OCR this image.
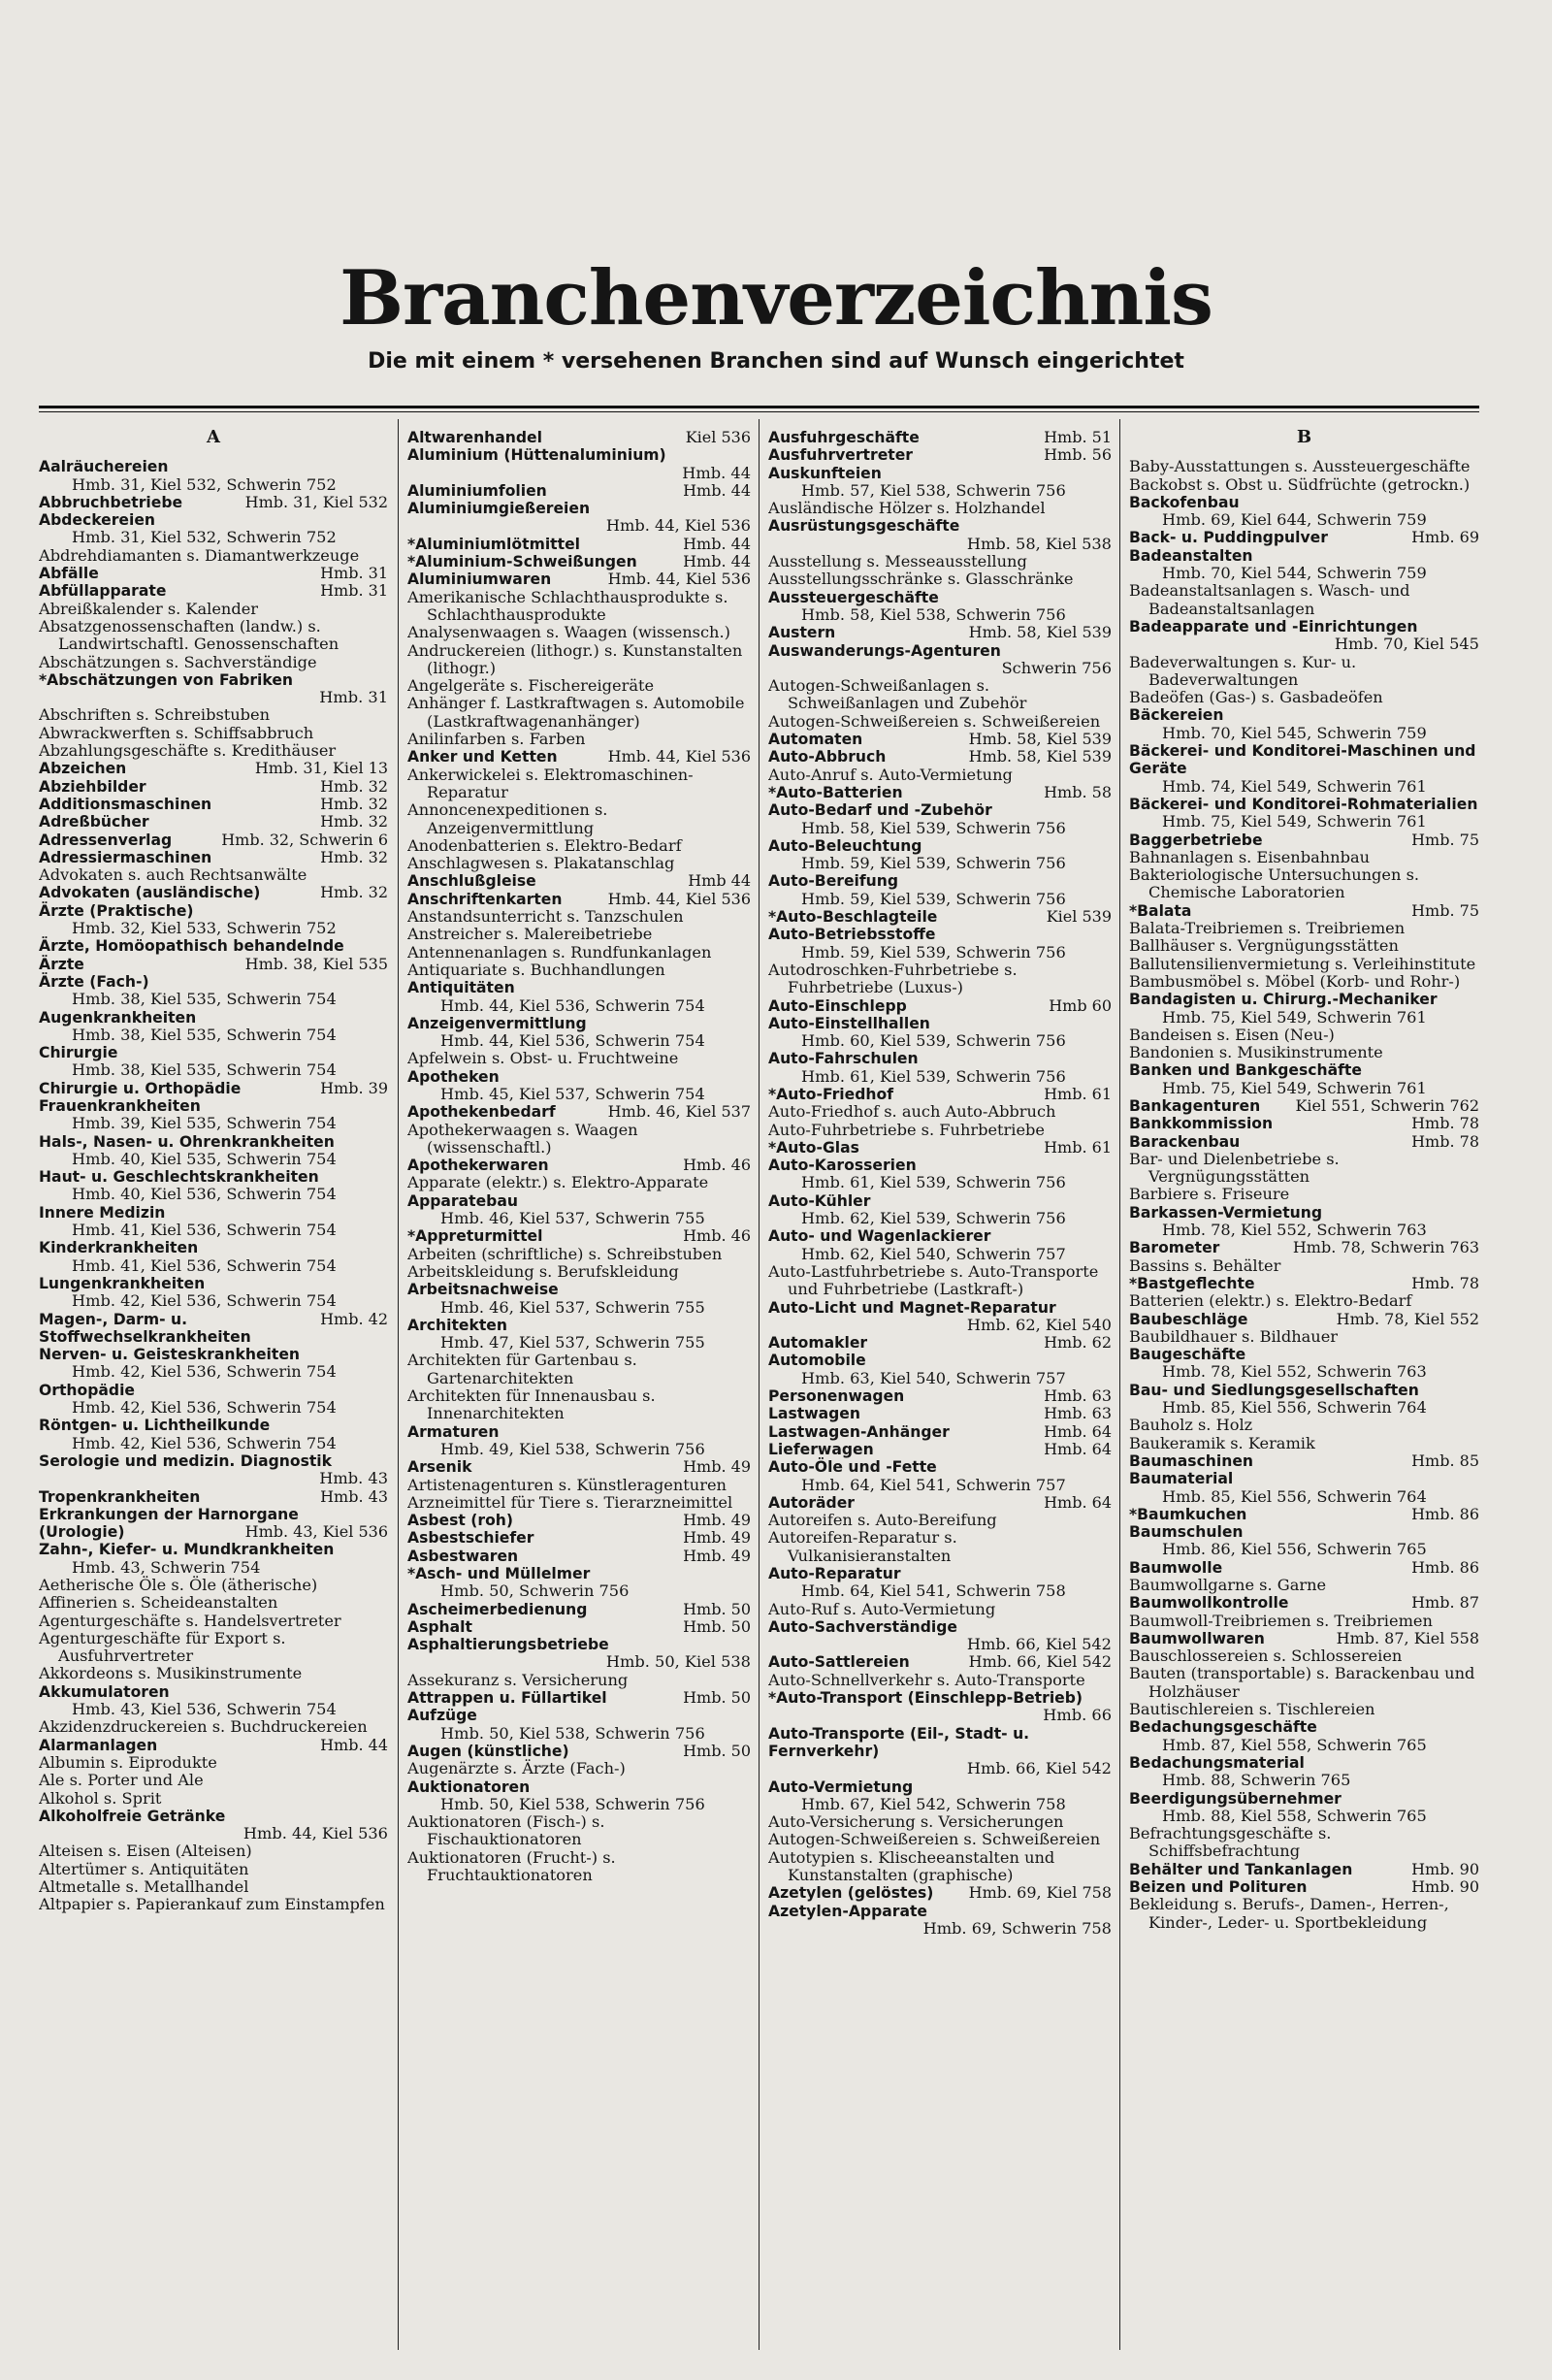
Branchenverzeichnis
Die mit einem * versehenen Branchen sind auf Wunsch eingerichtet
A
Aalräuchereien
Hmb. 31, Kiel 532, Schwerin 752
Abbruchbetriebe	Hmb. 31, Kiel 532
Abdeckereien
Hmb. 31, Kiel 532, Schwerin 752
Abdrehdiamanten s. Diamantwerkzeuge
Abfälle	Hmb. 31
Abfüllapparate	Hmb. 31
Abreißkalender s. Kalender
Absatzgenossenschaften (landw.) s. Landwirtschaftl. Genossenschaften
Abschätzungen s. Sachverständige
*Abschätzungen von Fabriken
Hmb. 31
Abschriften s. Schreibstuben
Abwrackwerften s. Schiffsabbruch
Abzahlungsgeschäfte s. Kredithäuser
Abzeichen	Hmb. 31, Kiel 13
Abziehbilder	Hmb. 32
Additionsmaschinen	Hmb. 32
Adreßbücher	Hmb. 32
Adressenverlag	Hmb. 32, Schwerin 6
Adressiermaschinen	Hmb. 32
Advokaten s. auch Rechtsanwälte
Advokaten (ausländische)	Hmb. 32
Ärzte (Praktische)
Hmb. 32, Kiel 533, Schwerin 752
Ärzte, Homöopathisch behandelnde
Ärzte	Hmb. 38, Kiel 535
Ärzte (Fach-)
Hmb. 38, Kiel 535, Schwerin 754
Augenkrankheiten
Hmb. 38, Kiel 535, Schwerin 754
Chirurgie
Hmb. 38, Kiel 535, Schwerin 754
Chirurgie u. Orthopädie	Hmb. 39
Frauenkrankheiten
Hmb. 39, Kiel 535, Schwerin 754
Hals-, Nasen- u. Ohrenkrankheiten
Hmb. 40, Kiel 535, Schwerin 754
Haut- u. Geschlechtskrankheiten
Hmb. 40, Kiel 536, Schwerin 754
Innere Medizin
Hmb. 41, Kiel 536, Schwerin 754
Kinderkrankheiten
Hmb. 41, Kiel 536, Schwerin 754
Lungenkrankheiten
Hmb. 42, Kiel 536, Schwerin 754
Magen-, Darm- u. Stoffwechselkrankheiten
Hmb. 42
Nerven- u. Geisteskrankheiten
Hmb. 42, Kiel 536, Schwerin 754
Orthopädie
Hmb. 42, Kiel 536, Schwerin 754
Röntgen- u. Lichtheilkunde
Hmb. 42, Kiel 536, Schwerin 754
Serologie und medizin. Diagnostik
Hmb. 43
Tropenkrankheiten	Hmb. 43
Erkrankungen der Harnorgane
(Urologie)	Hmb. 43, Kiel 536
Zahn-, Kiefer- u. Mundkrankheiten
Hmb. 43, Schwerin 754
Aetherische Öle s. Öle (ätherische)
Affinerien s. Scheideanstalten
Agenturgeschäfte s. Handelsvertreter
Agenturgeschäfte für Export s. Ausfuhrvertreter
Akkordeons s. Musikinstrumente
Akkumulatoren
Hmb. 43, Kiel 536, Schwerin 754
Akzidenzdruckereien s. Buchdruckereien
Alarmanlagen	Hmb. 44
Albumin s. Eiprodukte
Ale s. Porter und Ale
Alkohol s. Sprit
Alkoholfreie Getränke
Hmb. 44, Kiel 536
Alteisen s. Eisen (Alteisen)
Altertümer s. Antiquitäten
Altmetalle s. Metallhandel
Altpapier s. Papierankauf zum Einstampfen
Altwarenhandel	Kiel 536
Aluminium (Hüttenaluminium)
Hmb. 44
Aluminiumfolien	Hmb. 44
Aluminiumgießereien
Hmb. 44, Kiel 536
*Aluminiumlötmittel	Hmb. 44
*Aluminium-Schweißungen	Hmb. 44
Aluminiumwaren	Hmb. 44, Kiel 536
Amerikanische Schlachthausprodukte s. Schlachthausprodukte
Analysenwaagen s. Waagen (wissensch.)
Andruckereien (lithogr.) s. Kunstanstalten (lithogr.)
Angelgeräte s. Fischereigeräte
Anhänger f. Lastkraftwagen s. Automobile (Lastkraftwagenanhänger)
Anilinfarben s. Farben
Anker und Ketten	Hmb. 44, Kiel 536
Ankerwickelei s. Elektromaschinen-Reparatur
Annoncenexpeditionen s. Anzeigenvermittlung
Anodenbatterien s. Elektro-Bedarf
Anschlagwesen s. Plakatanschlag
Anschlußgleise	Hmb 44
Anschriftenkarten	Hmb. 44, Kiel 536
Anstandsunterricht s. Tanzschulen
Anstreicher s. Malereibetriebe
Antennenanlagen s. Rundfunkanlagen
Antiquariate s. Buchhandlungen
Antiquitäten
Hmb. 44, Kiel 536, Schwerin 754
Anzeigenvermittlung
Hmb. 44, Kiel 536, Schwerin 754
Apfelwein s. Obst- u. Fruchtweine
Apotheken
Hmb. 45, Kiel 537, Schwerin 754
Apothekenbedarf	Hmb. 46, Kiel 537
Apothekerwaagen s. Waagen (wissenschaftl.)
Apothekerwaren	Hmb. 46
Apparate (elektr.) s. Elektro-Apparate
Apparatebau
Hmb. 46, Kiel 537, Schwerin 755
*Appreturmittel	Hmb. 46
Arbeiten (schriftliche) s. Schreibstuben
Arbeitskleidung s. Berufskleidung
Arbeitsnachweise
Hmb. 46, Kiel 537, Schwerin 755
Architekten
Hmb. 47, Kiel 537, Schwerin 755
Architekten für Gartenbau s. Gartenarchitekten
Architekten für Innenausbau s. Innenarchitekten
Armaturen
Hmb. 49, Kiel 538, Schwerin 756
Arsenik	Hmb. 49
Artistenagenturen s. Künstleragenturen
Arzneimittel für Tiere s. Tierarzneimittel
Asbest (roh)	Hmb. 49
Asbestschiefer	Hmb. 49
Asbestwaren	Hmb. 49
*Asch- und Müllelmer
Hmb. 50, Schwerin 756
Ascheimerbedienung	Hmb. 50
Asphalt	Hmb. 50
Asphaltierungsbetriebe
Hmb. 50, Kiel 538
Assekuranz s. Versicherung
Attrappen u. Füllartikel	Hmb. 50
Aufzüge
Hmb. 50, Kiel 538, Schwerin 756
Augen (künstliche)	Hmb. 50
Augenärzte s. Ärzte (Fach-)
Auktionatoren
Hmb. 50, Kiel 538, Schwerin 756
Auktionatoren (Fisch-) s. Fischauktionatoren
Auktionatoren (Frucht-) s. Fruchtauktionatoren
Ausfuhrgeschäfte	Hmb. 51
Ausfuhrvertreter	Hmb. 56
Auskunfteien
Hmb. 57, Kiel 538, Schwerin 756
Ausländische Hölzer s. Holzhandel
Ausrüstungsgeschäfte
Hmb. 58, Kiel 538
Ausstellung s. Messeausstellung
Ausstellungsschränke s. Glasschränke
Aussteuergeschäfte
Hmb. 58, Kiel 538, Schwerin 756
Austern	Hmb. 58, Kiel 539
Auswanderungs-Agenturen
Schwerin 756
Autogen-Schweißanlagen s. Schweißanlagen und Zubehör
Autogen-Schweißereien s. Schweißereien
Automaten	Hmb. 58, Kiel 539
Auto-Abbruch	Hmb. 58, Kiel 539
Auto-Anruf s. Auto-Vermietung
*Auto-Batterien	Hmb. 58
Auto-Bedarf und -Zubehör
Hmb. 58, Kiel 539, Schwerin 756
Auto-Beleuchtung
Hmb. 59, Kiel 539, Schwerin 756
Auto-Bereifung
Hmb. 59, Kiel 539, Schwerin 756
*Auto-Beschlagteile	Kiel 539
Auto-Betriebsstoffe
Hmb. 59, Kiel 539, Schwerin 756
Autodroschken-Fuhrbetriebe s. Fuhrbetriebe (Luxus-)
Auto-Einschlepp	Hmb 60
Auto-Einstellhallen
Hmb. 60, Kiel 539, Schwerin 756
Auto-Fahrschulen
Hmb. 61, Kiel 539, Schwerin 756
*Auto-Friedhof	Hmb. 61
Auto-Friedhof s. auch Auto-Abbruch
Auto-Fuhrbetriebe s. Fuhrbetriebe
*Auto-Glas	Hmb. 61
Auto-Karosserien
Hmb. 61, Kiel 539, Schwerin 756
Auto-Kühler
Hmb. 62, Kiel 539, Schwerin 756
Auto- und Wagenlackierer
Hmb. 62, Kiel 540, Schwerin 757
Auto-Lastfuhrbetriebe s. Auto-Transporte und Fuhrbetriebe (Lastkraft-)
Auto-Licht und Magnet-Reparatur
Hmb. 62, Kiel 540
Automakler	Hmb. 62
Automobile
Hmb. 63, Kiel 540, Schwerin 757
Personenwagen	Hmb. 63
Lastwagen	Hmb. 63
Lastwagen-Anhänger	Hmb. 64
Lieferwagen	Hmb. 64
Auto-Öle und -Fette
Hmb. 64, Kiel 541, Schwerin 757
Autoräder	Hmb. 64
Autoreifen s. Auto-Bereifung
Autoreifen-Reparatur s. Vulkanisieranstalten
Auto-Reparatur
Hmb. 64, Kiel 541, Schwerin 758
Auto-Ruf s. Auto-Vermietung
Auto-Sachverständige
Hmb. 66, Kiel 542
Auto-Sattlereien	Hmb. 66, Kiel 542
Auto-Schnellverkehr s. Auto-Transporte
*Auto-Transport (Einschlepp-Betrieb)
Hmb. 66
Auto-Transporte (Eil-, Stadt- u. Fernverkehr)
Hmb. 66, Kiel 542
Auto-Vermietung
Hmb. 67, Kiel 542, Schwerin 758
Auto-Versicherung s. Versicherungen
Autogen-Schweißereien s. Schweißereien
Autotypien s. Klischeeanstalten und Kunstanstalten (graphische)
Azetylen (gelöstes)	Hmb. 69, Kiel 758
Azetylen-Apparate
Hmb. 69, Schwerin 758
B
Baby-Ausstattungen s. Aussteuergeschäfte
Backobst s. Obst u. Südfrüchte (getrockn.)
Backofenbau
Hmb. 69, Kiel 644, Schwerin 759
Back- u. Puddingpulver	Hmb. 69
Badeanstalten
Hmb. 70, Kiel 544, Schwerin 759
Badeanstaltsanlagen s. Wasch- und Badeanstaltsanlagen
Badeapparate und -Einrichtungen
Hmb. 70, Kiel 545
Badeverwaltungen s. Kur- u. Badeverwaltungen
Badeöfen (Gas-) s. Gasbadeöfen
Bäckereien
Hmb. 70, Kiel 545, Schwerin 759
Bäckerei- und Konditorei-Maschinen und Geräte
Hmb. 74, Kiel 549, Schwerin 761
Bäckerei- und Konditorei-Rohmaterialien
Hmb. 75, Kiel 549, Schwerin 761
Baggerbetriebe	Hmb. 75
Bahnanlagen s. Eisenbahnbau
Bakteriologische Untersuchungen s. Chemische Laboratorien
*Balata	Hmb. 75
Balata-Treibriemen s. Treibriemen
Ballhäuser s. Vergnügungsstätten
Ballutensilienvermietung s. Verleihinstitute
Bambusmöbel s. Möbel (Korb- und Rohr-)
Bandagisten u. Chirurg.-Mechaniker
Hmb. 75, Kiel 549, Schwerin 761
Bandeisen s. Eisen (Neu-)
Bandonien s. Musikinstrumente
Banken und Bankgeschäfte
Hmb. 75, Kiel 549, Schwerin 761
Bankagenturen	Kiel 551, Schwerin 762
Bankkommission	Hmb. 78
Barackenbau	Hmb. 78
Bar- und Dielenbetriebe s. Vergnügungsstätten
Barbiere s. Friseure
Barkassen-Vermietung
Hmb. 78, Kiel 552, Schwerin 763
Barometer	Hmb. 78, Schwerin 763
Bassins s. Behälter
*Bastgeflechte	Hmb. 78
Batterien (elektr.) s. Elektro-Bedarf
Baubeschläge	Hmb. 78, Kiel 552
Baubildhauer s. Bildhauer
Baugeschäfte
Hmb. 78, Kiel 552, Schwerin 763
Bau- und Siedlungsgesellschaften
Hmb. 85, Kiel 556, Schwerin 764
Bauholz s. Holz
Baukeramik s. Keramik
Baumaschinen	Hmb. 85
Baumaterial
Hmb. 85, Kiel 556, Schwerin 764
*Baumkuchen	Hmb. 86
Baumschulen
Hmb. 86, Kiel 556, Schwerin 765
Baumwolle	Hmb. 86
Baumwollgarne s. Garne
Baumwollkontrolle	Hmb. 87
Baumwoll-Treibriemen s. Treibriemen
Baumwollwaren	Hmb. 87, Kiel 558
Bauschlossereien s. Schlossereien
Bauten (transportable) s. Barackenbau und Holzhäuser
Bautischlereien s. Tischlereien
Bedachungsgeschäfte
Hmb. 87, Kiel 558, Schwerin 765
Bedachungsmaterial
Hmb. 88, Schwerin 765
Beerdigungsübernehmer
Hmb. 88, Kiel 558, Schwerin 765
Befrachtungsgeschäfte s. Schiffsbefrachtung
Behälter und Tankanlagen	Hmb. 90
Beizen und Polituren	Hmb. 90
Bekleidung s. Berufs-, Damen-, Herren-, Kinder-, Leder- u. Sportbekleidung
